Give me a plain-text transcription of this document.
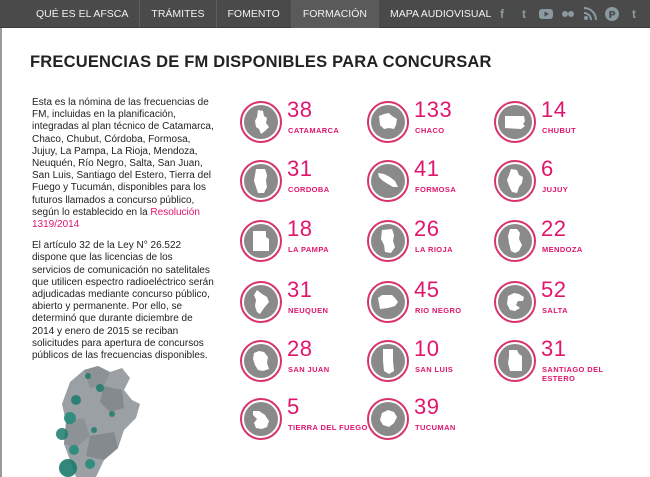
QUÉ ES EL AFSCA	TRÁMITES	FOMENTO	FORMACIÓN	MAPA AUDIOVISUAL f	t	P	t
FRECUENCIAS DE FM DISPONIBLES PARA CONCURSAR

Esta es la nómina de las frecuencias de FM, incluidas en la planificación, integradas al plan técnico de Catamarca, Chaco, Chubut, Córdoba, Formosa, Jujuy, La Pampa, La Rioja, Mendoza, Neuquén, Río Negro, Salta, San Juan, San Luis, Santiago del Estero, Tierra del Fuego y Tucumán, disponibles para los futuros llamados a concurso público, según lo establecido en la Resolución 1319/2014

El artículo 32 de la Ley N° 26.522 dispone que las licencias de los servicios de comunicación no satelitales que utilicen espectro radioeléctrico serán adjudicadas mediante concurso público, abierto y permanente. Por ello, se determinó que durante diciembre de 2014 y enero de 2015 se reciban solicitudes para apertura de concursos públicos de las frecuencias disponibles.

38
CATAMARCA
133
CHACO
14
CHUBUT
31
CORDOBA
41
FORMOSA
6
JUJUY
18
LA PAMPA
26
LA RIOJA
22
MENDOZA
31
NEUQUEN
45
RIO NEGRO
52
SALTA
28
SAN JUAN
10
SAN LUIS
31
SANTIAGO DEL ESTERO
5
TIERRA DEL FUEGO
39
TUCUMAN
